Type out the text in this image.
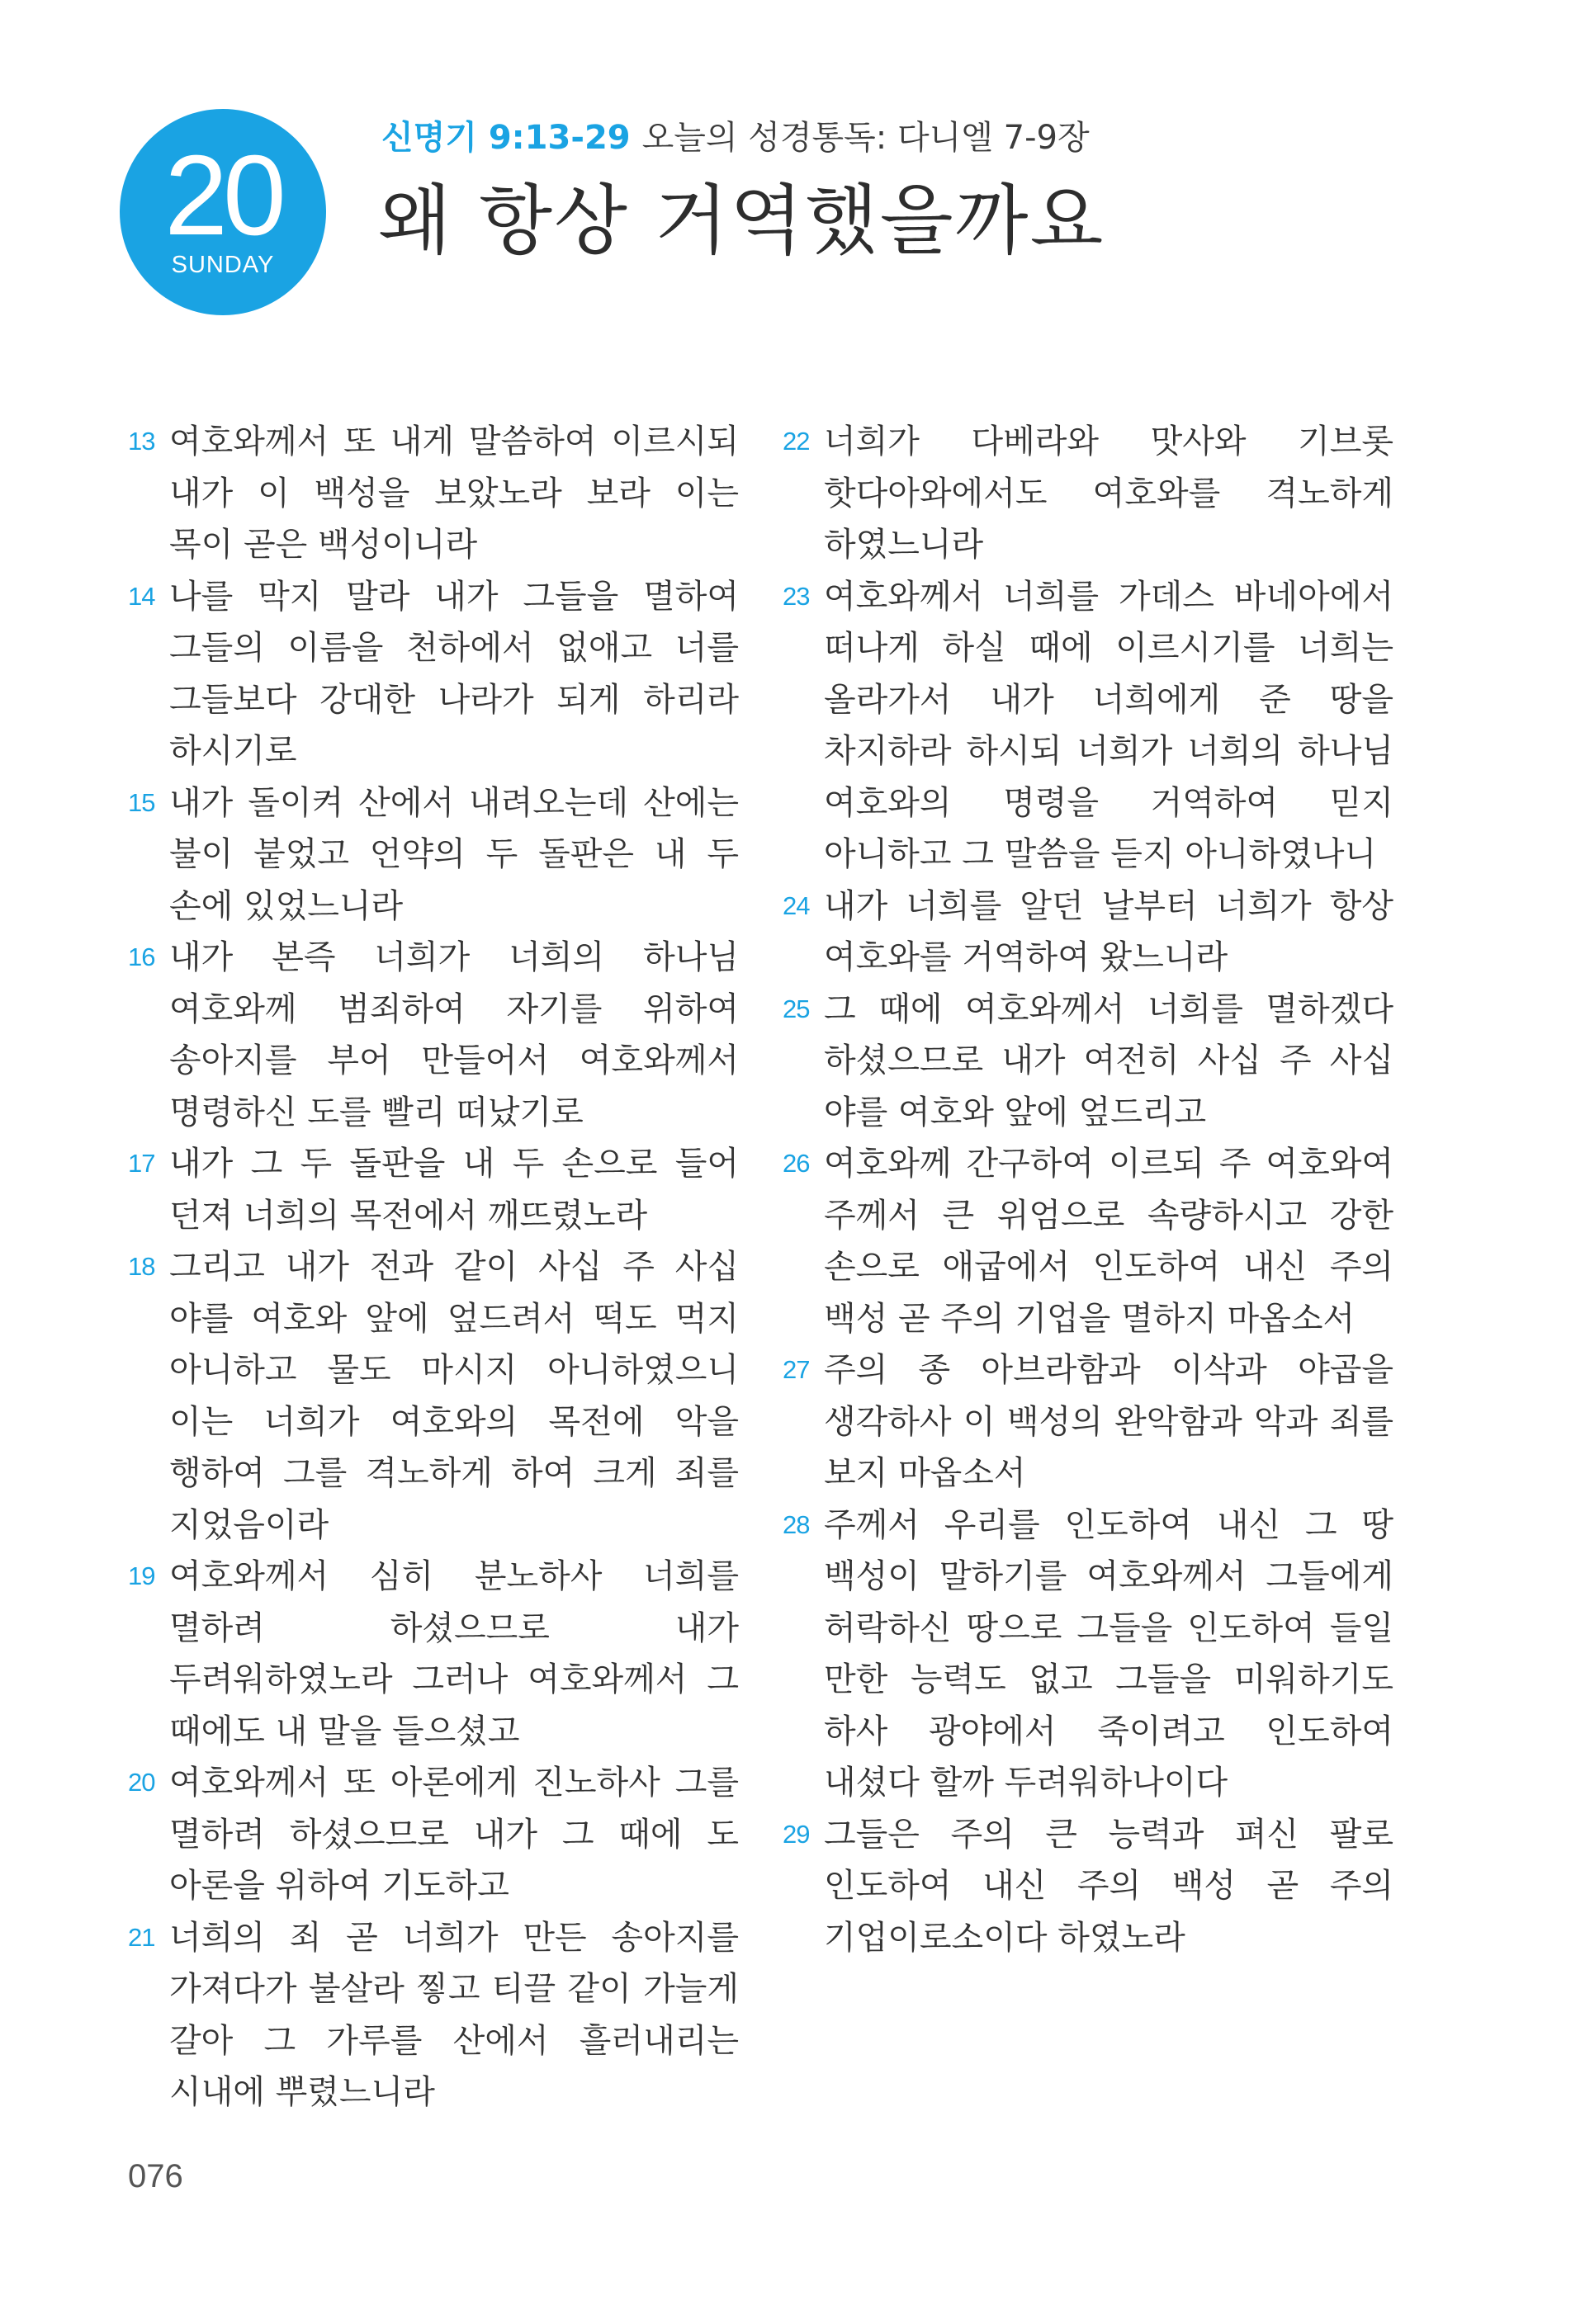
20
SUNDAY
신명기 9:13-29 오늘의 성경통독: 다니엘 7-9장
왜 항상 거역했을까요
13 여호와께서 또 내게 말씀하여 이르시되 내가 이 백성을 보았노라 보라 이는 목이 곧은 백성이니라
14 나를 막지 말라 내가 그들을 멸하여 그들의 이름을 천하에서 없애고 너를 그들보다 강대한 나라가 되게 하리라 하시기로
15 내가 돌이켜 산에서 내려오는데 산에는 불이 붙었고 언약의 두 돌판은 내 두 손에 있었느니라
16 내가 본즉 너희가 너희의 하나님 여호와께 범죄하여 자기를 위하여 송아지를 부어 만들어서 여호와께서 명령하신 도를 빨리 떠났기로
17 내가 그 두 돌판을 내 두 손으로 들어 던져 너희의 목전에서 깨뜨렸노라
18 그리고 내가 전과 같이 사십 주 사십 야를 여호와 앞에 엎드려서 떡도 먹지 아니하고 물도 마시지 아니하였으니 이는 너희가 여호와의 목전에 악을 행하여 그를 격노하게 하여 크게 죄를 지었음이라
19 여호와께서 심히 분노하사 너희를 멸하려 하셨으므로 내가 두려워하였노라 그러나 여호와께서 그 때에도 내 말을 들으셨고
20 여호와께서 또 아론에게 진노하사 그를 멸하려 하셨으므로 내가 그 때에 도 아론을 위하여 기도하고
21 너희의 죄 곧 너희가 만든 송아지를 가져다가 불살라 찧고 티끌 같이 가늘게 갈아 그 가루를 산에서 흘러내리는 시내에 뿌렸느니라
22 너희가 다베라와 맛사와 기브롯 핫다아와에서도 여호와를 격노하게 하였느니라
23 여호와께서 너희를 가데스 바네아에서 떠나게 하실 때에 이르시기를 너희는 올라가서 내가 너희에게 준 땅을 차지하라 하시되 너희가 너희의 하나님 여호와의 명령을 거역하여 믿지 아니하고 그 말씀을 듣지 아니하였나니
24 내가 너희를 알던 날부터 너희가 항상 여호와를 거역하여 왔느니라
25 그 때에 여호와께서 너희를 멸하겠다 하셨으므로 내가 여전히 사십 주 사십 야를 여호와 앞에 엎드리고
26 여호와께 간구하여 이르되 주 여호와여 주께서 큰 위엄으로 속량하시고 강한 손으로 애굽에서 인도하여 내신 주의 백성 곧 주의 기업을 멸하지 마옵소서
27 주의 종 아브라함과 이삭과 야곱을 생각하사 이 백성의 완악함과 악과 죄를 보지 마옵소서
28 주께서 우리를 인도하여 내신 그 땅 백성이 말하기를 여호와께서 그들에게 허락하신 땅으로 그들을 인도하여 들일 만한 능력도 없고 그들을 미워하기도 하사 광야에서 죽이려고 인도하여 내셨다 할까 두려워하나이다
29 그들은 주의 큰 능력과 펴신 팔로 인도하여 내신 주의 백성 곧 주의 기업이로소이다 하였노라
076
